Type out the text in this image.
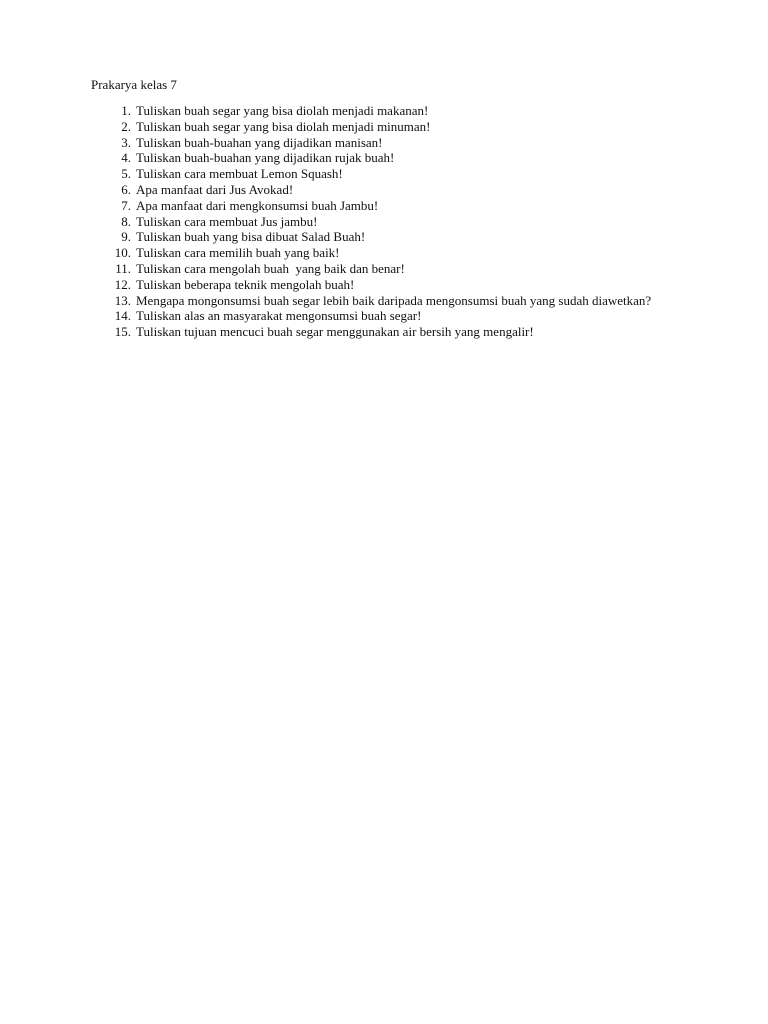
Prakarya kelas 7

1. Tuliskan buah segar yang bisa diolah menjadi makanan!
2. Tuliskan buah segar yang bisa diolah menjadi minuman!
3. Tuliskan buah-buahan yang dijadikan manisan!
4. Tuliskan buah-buahan yang dijadikan rujak buah!
5. Tuliskan cara membuat Lemon Squash!
6. Apa manfaat dari Jus Avokad!
7. Apa manfaat dari mengkonsumsi buah Jambu!
8. Tuliskan cara membuat Jus jambu!
9. Tuliskan buah yang bisa dibuat Salad Buah!
10. Tuliskan cara memilih buah yang baik!
11. Tuliskan cara mengolah buah  yang baik dan benar!
12. Tuliskan beberapa teknik mengolah buah!
13. Mengapa mongonsumsi buah segar lebih baik daripada mengonsumsi buah yang sudah diawetkan?
14. Tuliskan alas an masyarakat mengonsumsi buah segar!
15. Tuliskan tujuan mencuci buah segar menggunakan air bersih yang mengalir!
